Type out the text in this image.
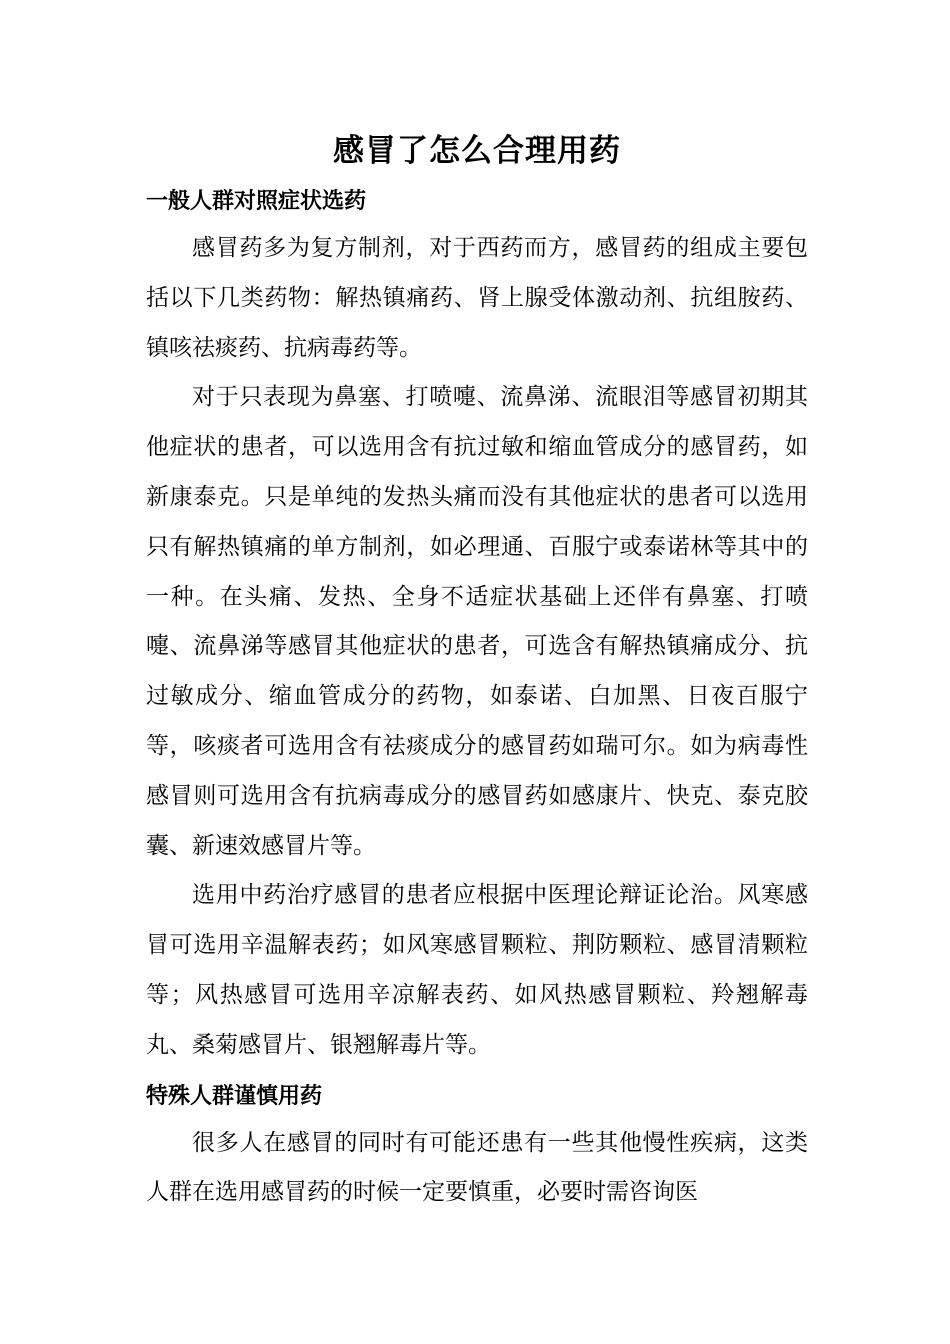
感冒了怎么合理用药
一般人群对照症状选药

感冒药多为复方制剂，对于西药而方，感冒药的组成主要包括以下几类药物：解热镇痛药、肾上腺受体激动剂、抗组胺药、镇咳祛痰药、抗病毒药等。

对于只表现为鼻塞、打喷嚏、流鼻涕、流眼泪等感冒初期其他症状的患者，可以选用含有抗过敏和缩血管成分的感冒药，如新康泰克。只是单纯的发热头痛而没有其他症状的患者可以选用只有解热镇痛的单方制剂，如必理通、百服宁或泰诺林等其中的一种。在头痛、发热、全身不适症状基础上还伴有鼻塞、打喷嚏、流鼻涕等感冒其他症状的患者，可选含有解热镇痛成分、抗过敏成分、缩血管成分的药物，如泰诺、白加黑、日夜百服宁等，咳痰者可选用含有祛痰成分的感冒药如瑞可尔。如为病毒性感冒则可选用含有抗病毒成分的感冒药如感康片、快克、泰克胶囊、新速效感冒片等。

选用中药治疗感冒的患者应根据中医理论辩证论治。风寒感冒可选用辛温解表药；如风寒感冒颗粒、荆防颗粒、感冒清颗粒等；风热感冒可选用辛凉解表药、如风热感冒颗粒、羚翘解毒丸、桑菊感冒片、银翘解毒片等。

特殊人群谨慎用药

很多人在感冒的同时有可能还患有一些其他慢性疾病，这类人群在选用感冒药的时候一定要慎重，必要时需咨询医
